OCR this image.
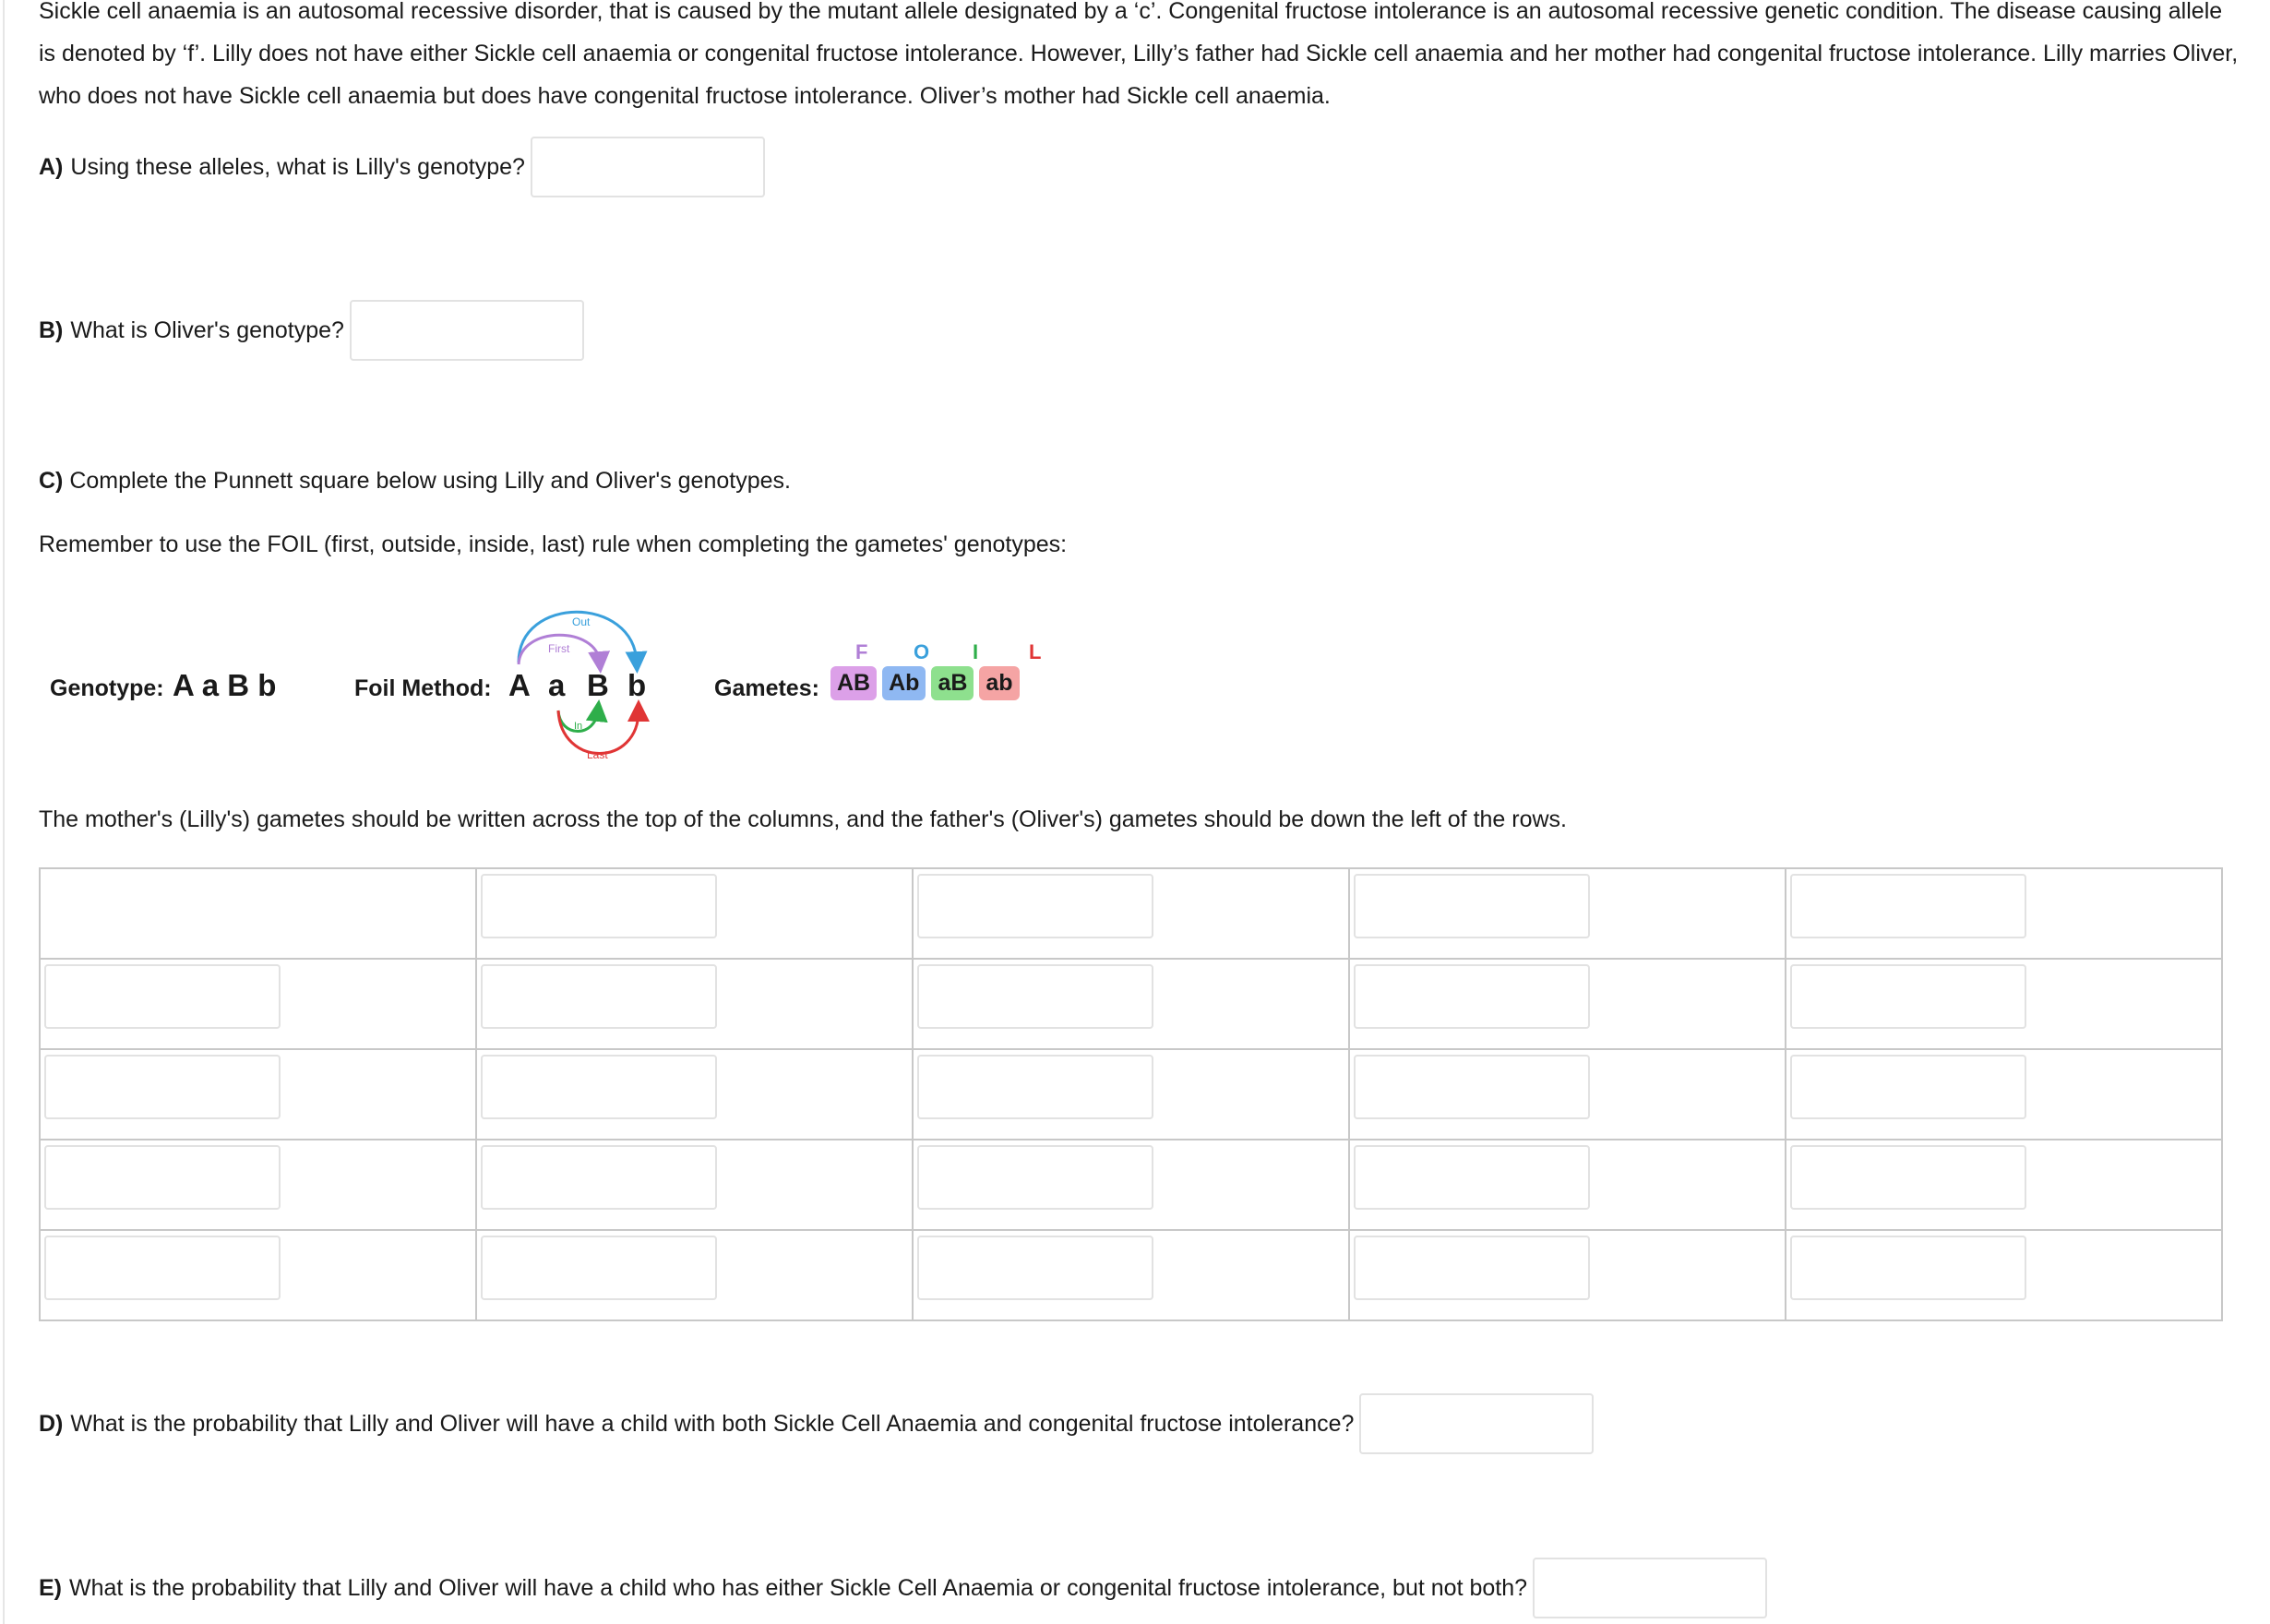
Sickle cell anaemia is an autosomal recessive disorder, that is caused by the mutant allele designated by a ‘c’. Congenital fructose intolerance is an autosomal recessive genetic condition. The disease causing allele is denoted by ‘f’. Lilly does not have either Sickle cell anaemia or congenital fructose intolerance. However, Lilly’s father had Sickle cell anaemia and her mother had congenital fructose intolerance. Lilly marries Oliver, who does not have Sickle cell anaemia but does have congenital fructose intolerance. Oliver’s mother had Sickle cell anaemia.

A) Using these alleles, what is Lilly's genotype?
B) What is Oliver's genotype?
C) Complete the Punnett square below using Lilly and Oliver's genotypes.
Remember to use the FOIL (first, outside, inside, last) rule when completing the gametes' genotypes:
Genotype: A a B b	Foil Method: A a B b
Out
First
In
Last
F O I L
Gametes: AB Ab aB ab
The mother's (Lilly's) gametes should be written across the top of the columns, and the father's (Oliver's) gametes should be down the left of the rows.

D) What is the probability that Lilly and Oliver will have a child with both Sickle Cell Anaemia and congenital fructose intolerance?
E) What is the probability that Lilly and Oliver will have a child who has either Sickle Cell Anaemia or congenital fructose intolerance, but not both?
